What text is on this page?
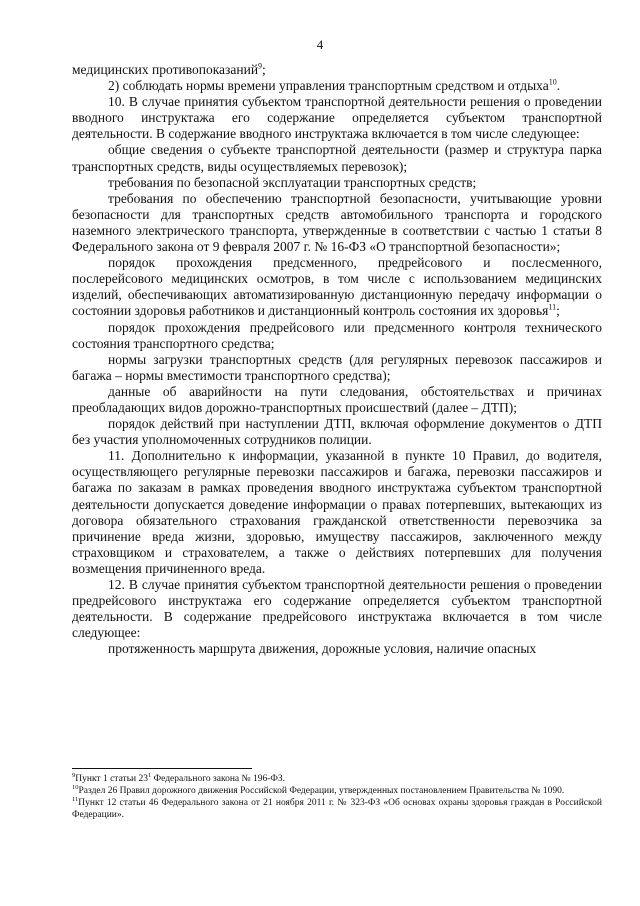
4

медицинских противопоказаний$^9$;

2) соблюдать нормы времени управления транспортным средством и отдыха$^{10}$.

10. В случае принятия субъектом транспортной деятельности решения о проведении вводного инструктажа его содержание определяется субъектом транспортной деятельности. В содержание вводного инструктажа включается в том числе следующее:

общие сведения о субъекте транспортной деятельности (размер и структура парка транспортных средств, виды осуществляемых перевозок);

требования по безопасной эксплуатации транспортных средств;

требования по обеспечению транспортной безопасности, учитывающие уровни безопасности для транспортных средств автомобильного транспорта и городского наземного электрического транспорта, утвержденные в соответствии с частью 1 статьи 8 Федерального закона от 9 февраля 2007 г. № 16-ФЗ «О транспортной безопасности»;

порядок прохождения предсменного, предрейсового и послесменного, послерейсового медицинских осмотров, в том числе с использованием медицинских изделий, обеспечивающих автоматизированную дистанционную передачу информации о состоянии здоровья работников и дистанционный контроль состояния их здоровья$^{11}$;

порядок прохождения предрейсового или предсменного контроля технического состояния транспортного средства;

нормы загрузки транспортных средств (для регулярных перевозок пассажиров и багажа – нормы вместимости транспортного средства);

данные об аварийности на пути следования, обстоятельствах и причинах преобладающих видов дорожно-транспортных происшествий (далее – ДТП);

порядок действий при наступлении ДТП, включая оформление документов о ДТП без участия уполномоченных сотрудников полиции.

11. Дополнительно к информации, указанной в пункте 10 Правил, до водителя, осуществляющего регулярные перевозки пассажиров и багажа, перевозки пассажиров и багажа по заказам в рамках проведения вводного инструктажа субъектом транспортной деятельности допускается доведение информации о правах потерпевших, вытекающих из договора обязательного страхования гражданской ответственности перевозчика за причинение вреда жизни, здоровью, имуществу пассажиров, заключенного между страховщиком и страхователем, а также о действиях потерпевших для получения возмещения причиненного вреда.

12. В случае принятия субъектом транспортной деятельности решения о проведении предрейсового инструктажа его содержание определяется субъектом транспортной деятельности. В содержание предрейсового инструктажа включается в том числе следующее:

протяженность маршрута движения, дорожные условия, наличие опасных

$^9$Пункт 1 статьи $23^1$ Федерального закона № 196-ФЗ.

$^{10}$Раздел 26 Правил дорожного движения Российской Федерации, утвержденных постановлением Правительства № 1090.

$^{11}$Пункт 12 статьи 46 Федерального закона от 21 ноября 2011 г. № 323-ФЗ «Об основах охраны здоровья граждан в Российской Федерации».
